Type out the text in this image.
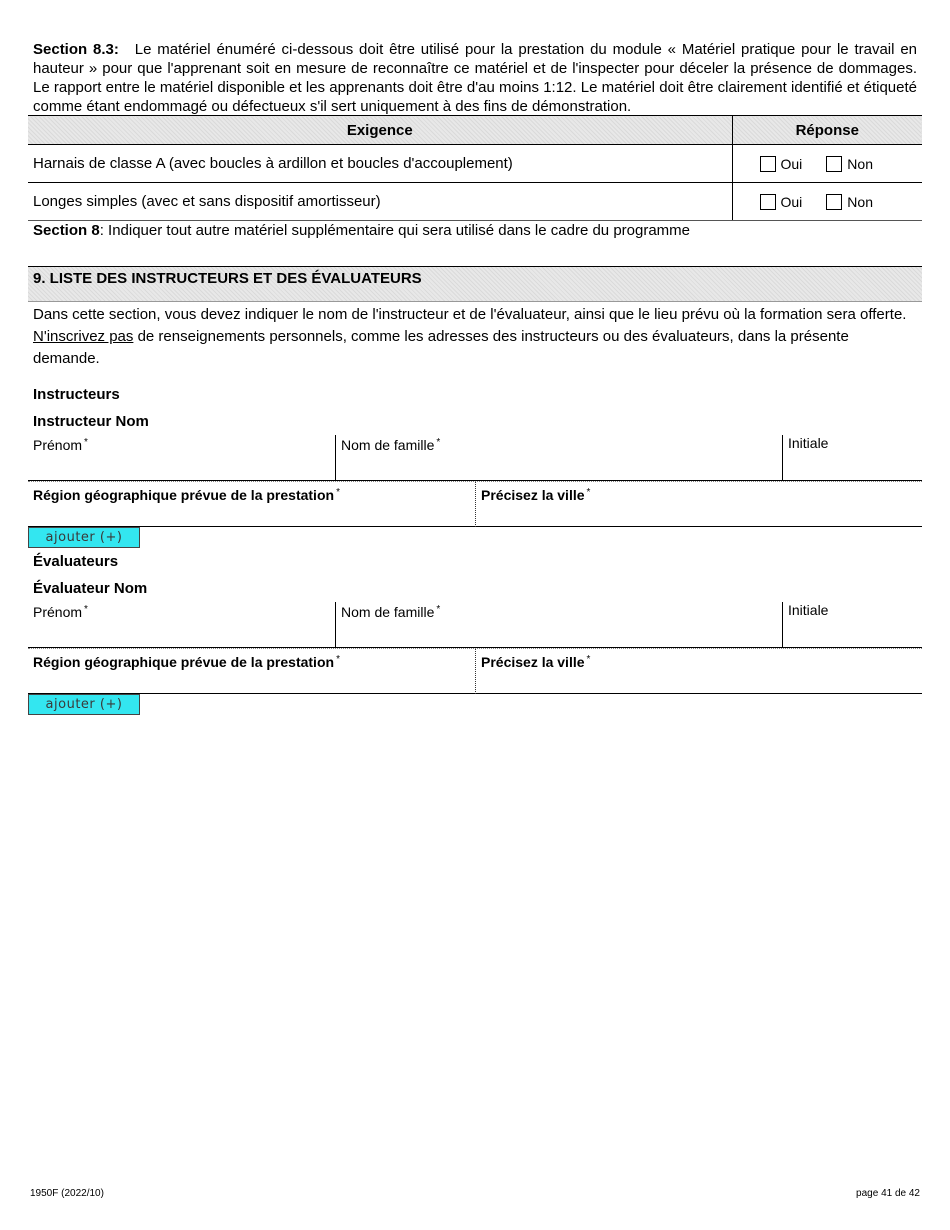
Section 8.3: Le matériel énuméré ci-dessous doit être utilisé pour la prestation du module « Matériel pratique pour le travail en hauteur » pour que l'apprenant soit en mesure de reconnaître ce matériel et de l'inspecter pour déceler la présence de dommages. Le rapport entre le matériel disponible et les apprenants doit être d'au moins 1:12. Le matériel doit être clairement identifié et étiqueté comme étant endommagé ou défectueux s'il sert uniquement à des fins de démonstration.
Exigence	Réponse
Harnais de classe A (avec boucles à ardillon et boucles d'accouplement)	Oui Non

Longes simples (avec et sans dispositif amortisseur)	Oui Non
Section 8: Indiquer tout autre matériel supplémentaire qui sera utilisé dans le cadre du programme
9. LISTE DES INSTRUCTEURS ET DES ÉVALUATEURS
Dans cette section, vous devez indiquer le nom de l'instructeur et de l'évaluateur, ainsi que le lieu prévu où la formation sera offerte. N'inscrivez pas de renseignements personnels, comme les adresses des instructeurs ou des évaluateurs, dans la présente demande.
Instructeurs
Instructeur Nom
Prénom *	Nom de famille *	Initiale
Région géographique prévue de la prestation *	Précisez la ville *
ajouter (+)
Évaluateurs
Évaluateur Nom
Prénom *	Nom de famille *	Initiale
Région géographique prévue de la prestation *	Précisez la ville *
ajouter (+)
1950F (2022/10)	page 41 de 42
